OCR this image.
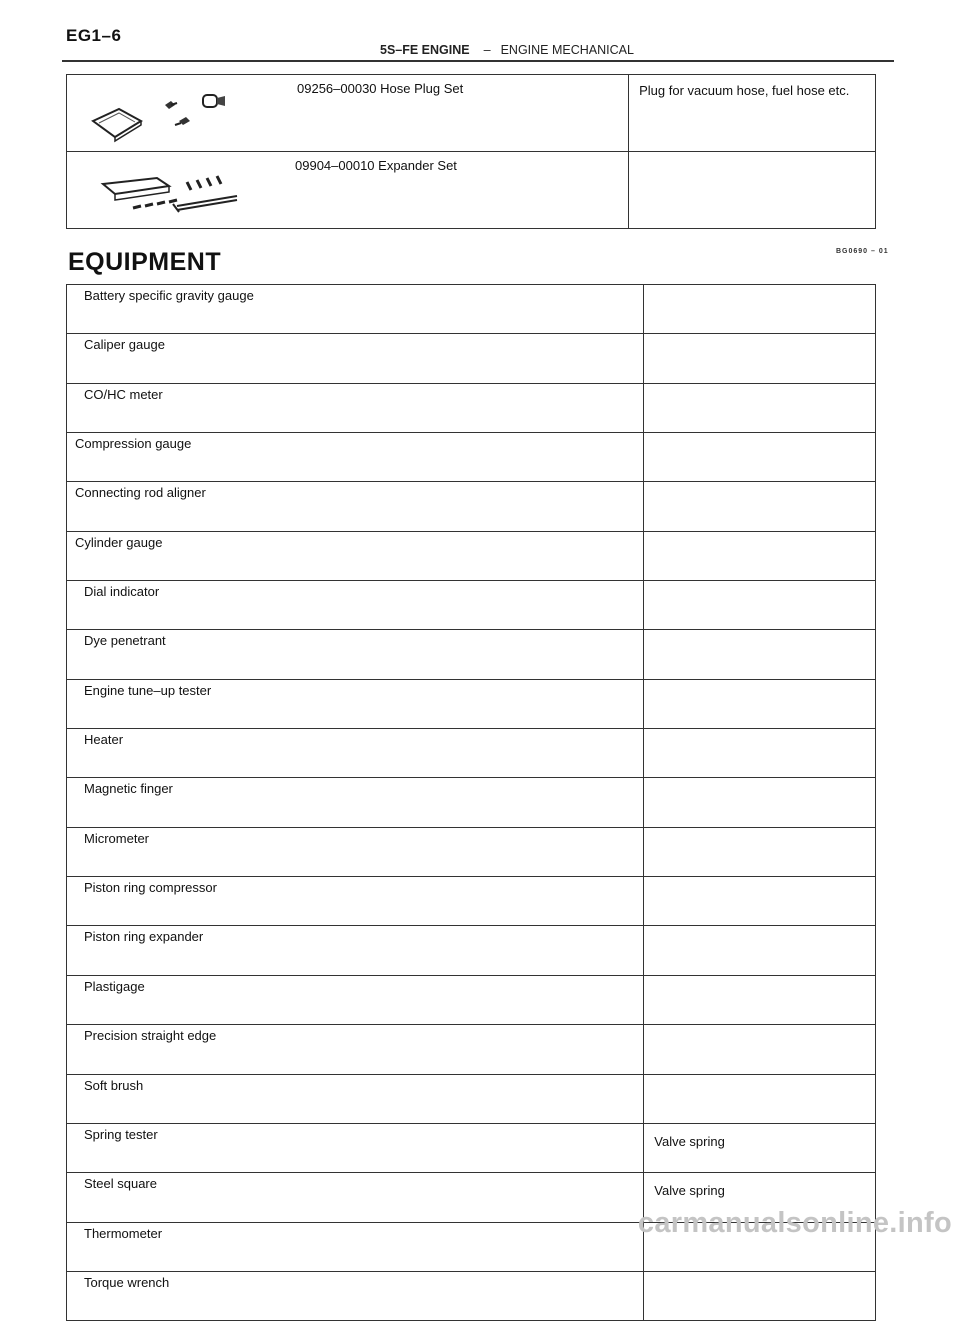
EG1–6
5S–FE ENGINE – ENGINE MECHANICAL
09256–00030 Hose Plug Set	Plug for vacuum hose, fuel hose etc.

09904–00010 Expander Set	

EQUIPMENT	BG0690 – 01
Battery specific gravity gauge	
Caliper gauge	
CO/HC meter	
Compression gauge	
Connecting rod aligner	
Cylinder gauge	
Dial indicator	
Dye penetrant	
Engine tune–up tester	
Heater	
Magnetic finger	
Micrometer	
Piston ring compressor	
Piston ring expander	
Plastigage	
Precision straight edge	
Soft brush	
Spring tester	Valve spring
Steel square	Valve spring
Thermometer	
Torque wrench	
carmanualsonline.info
